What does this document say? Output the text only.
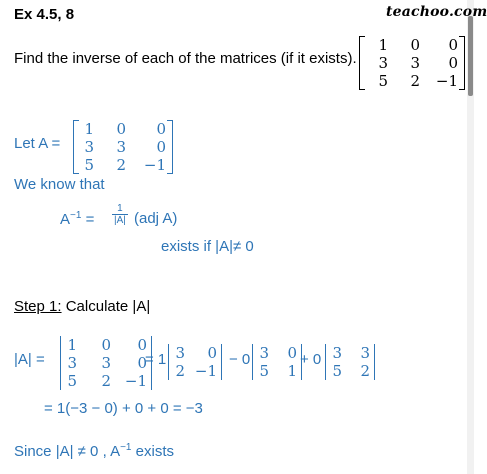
Ex 4.5, 8	teachoo.com
Find the inverse of each of the matrices (if it exists).
1	0	0
3	3	0
5	2	−1
Let A =
1	0	0
3	3	0
5	2	−1
We know that
$A^{-1} = \frac{1}{|A|} (adj$ A)
exists if |A|≠ 0
Step 1: Calculate |A|
|A| =
1	0	0
3	3	0
5	2 −1
= 1 3	0
2 −1
− 0 3	0
5	1
+ 0 3	3
5	2
= 1(−3 − 0) + 0 + 0 = −3
Since |A| ≠ 0 , $A^{-1}$ exists
